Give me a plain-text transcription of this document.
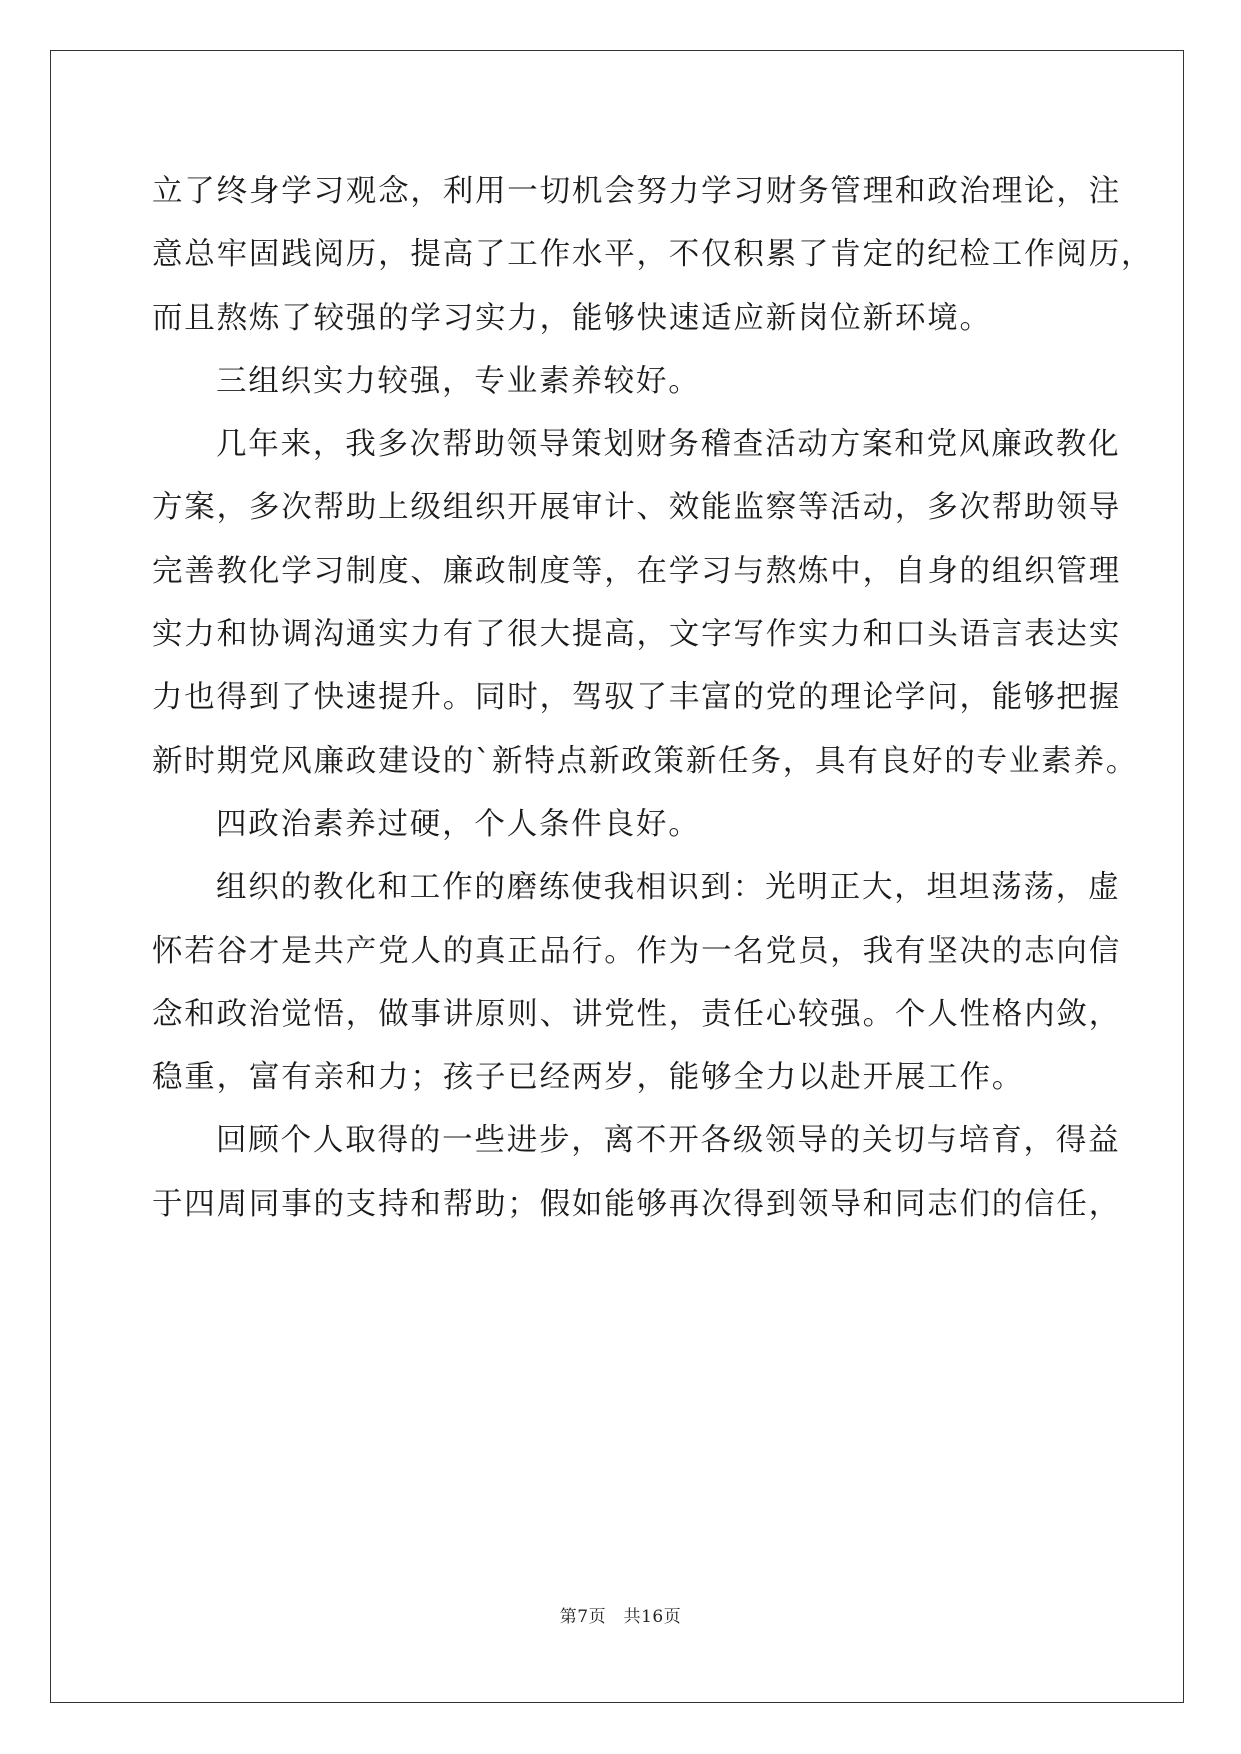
立了终身学习观念，利用一切机会努力学习财务管理和政治理论，注
意总牢固践阅历，提高了工作水平，不仅积累了肯定的纪检工作阅历，
而且熬炼了较强的学习实力，能够快速适应新岗位新环境。
三组织实力较强，专业素养较好。
几年来，我多次帮助领导策划财务稽查活动方案和党风廉政教化
方案，多次帮助上级组织开展审计、效能监察等活动，多次帮助领导
完善教化学习制度、廉政制度等，在学习与熬炼中，自身的组织管理
实力和协调沟通实力有了很大提高，文字写作实力和口头语言表达实
力也得到了快速提升。同时，驾驭了丰富的党的理论学问，能够把握
新时期党风廉政建设的`新特点新政策新任务，具有良好的专业素养。
四政治素养过硬，个人条件良好。
组织的教化和工作的磨练使我相识到：光明正大，坦坦荡荡，虚
怀若谷才是共产党人的真正品行。作为一名党员，我有坚决的志向信
念和政治觉悟，做事讲原则、讲党性，责任心较强。个人性格内敛，
稳重，富有亲和力；孩子已经两岁，能够全力以赴开展工作。
回顾个人取得的一些进步，离不开各级领导的关切与培育，得益
于四周同事的支持和帮助；假如能够再次得到领导和同志们的信任，
第7页　共16页
